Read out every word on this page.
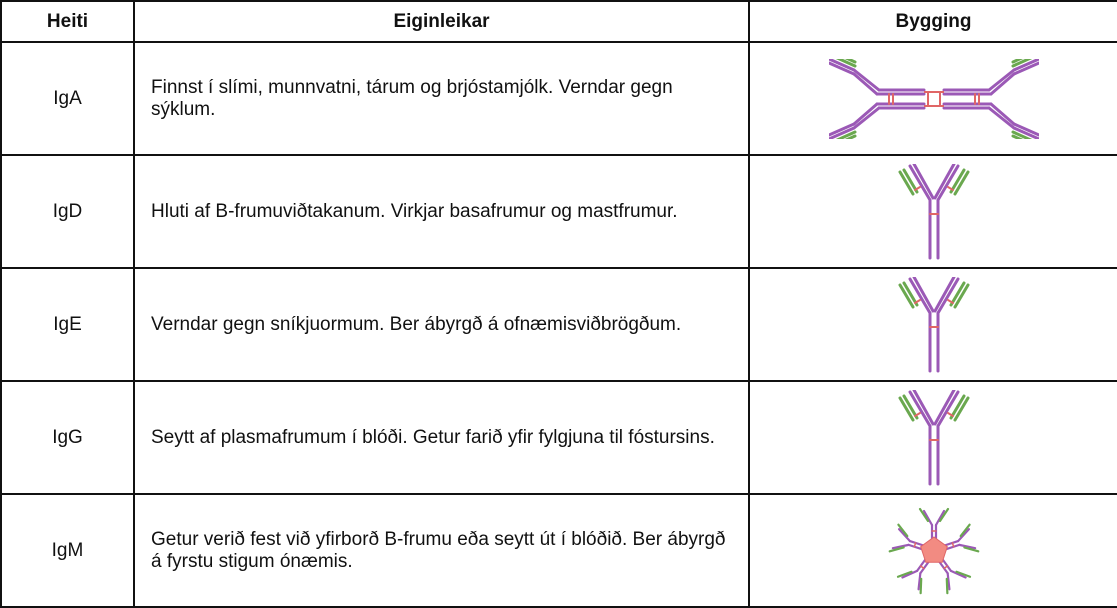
Heiti	Eiginleikar	Bygging
IgA	Finnst í slími, munnvatni, tárum og brjóstamjólk. Verndar gegn sýklum.	

IgD	Hluti af B-frumuviðtakanum. Virkjar basafrumur og mastfrumur.	

IgE	Verndar gegn sníkjuormum. Ber ábyrgð á ofnæmisviðbrögðum.	

IgG	Seytt af plasmafrumum í blóði. Getur farið yfir fylgjuna til fóstursins.	

IgM	Getur verið fest við yfirborð B-frumu eða seytt út í blóðið. Ber ábyrgð á fyrstu stigum ónæmis.	
